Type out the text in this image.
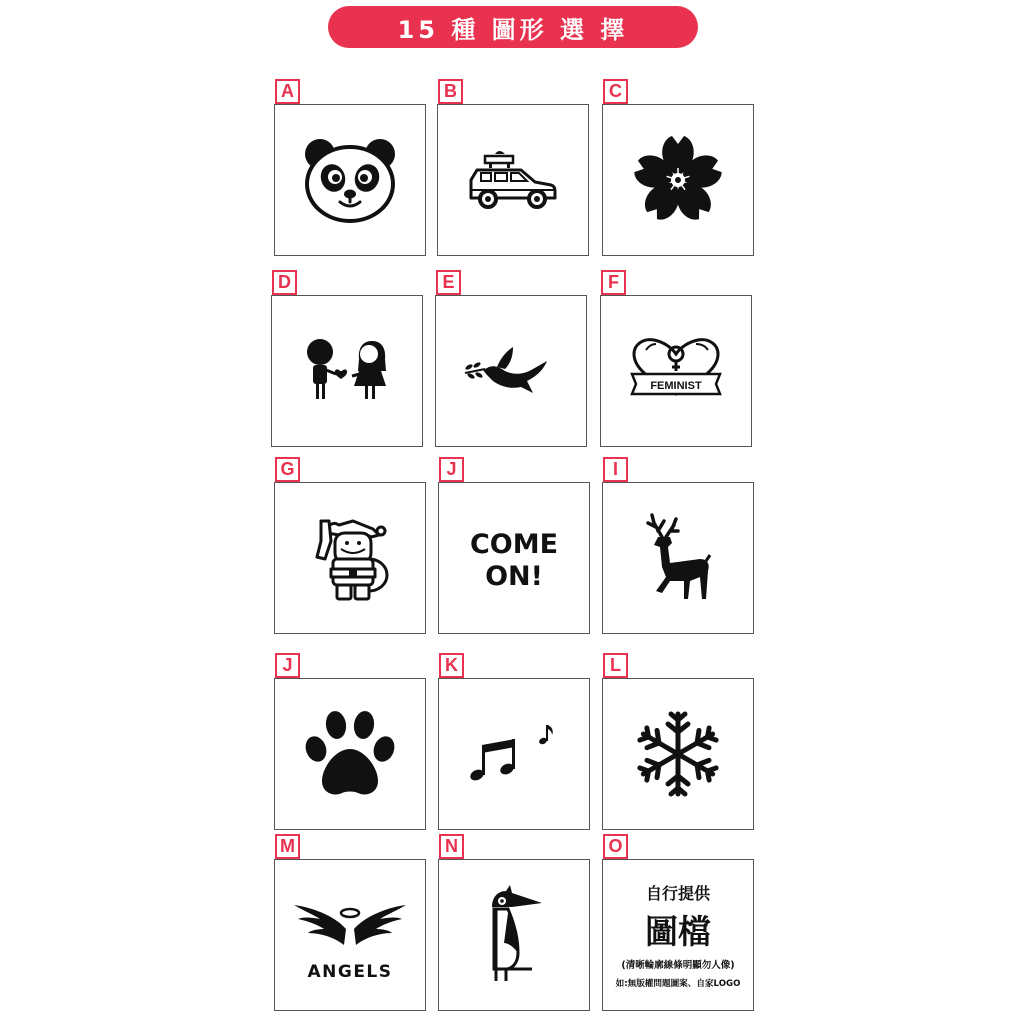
15 種 圖形 選 擇
A	B	C
D	E	F
FEMINIST
G	J
COME
ON!
I
J	K	L
M
ANGELS
N	O
自行提供
圖檔
(清晰輪廓線條明顯勿人像)
如:無版權問題圖案、自家LOGO
